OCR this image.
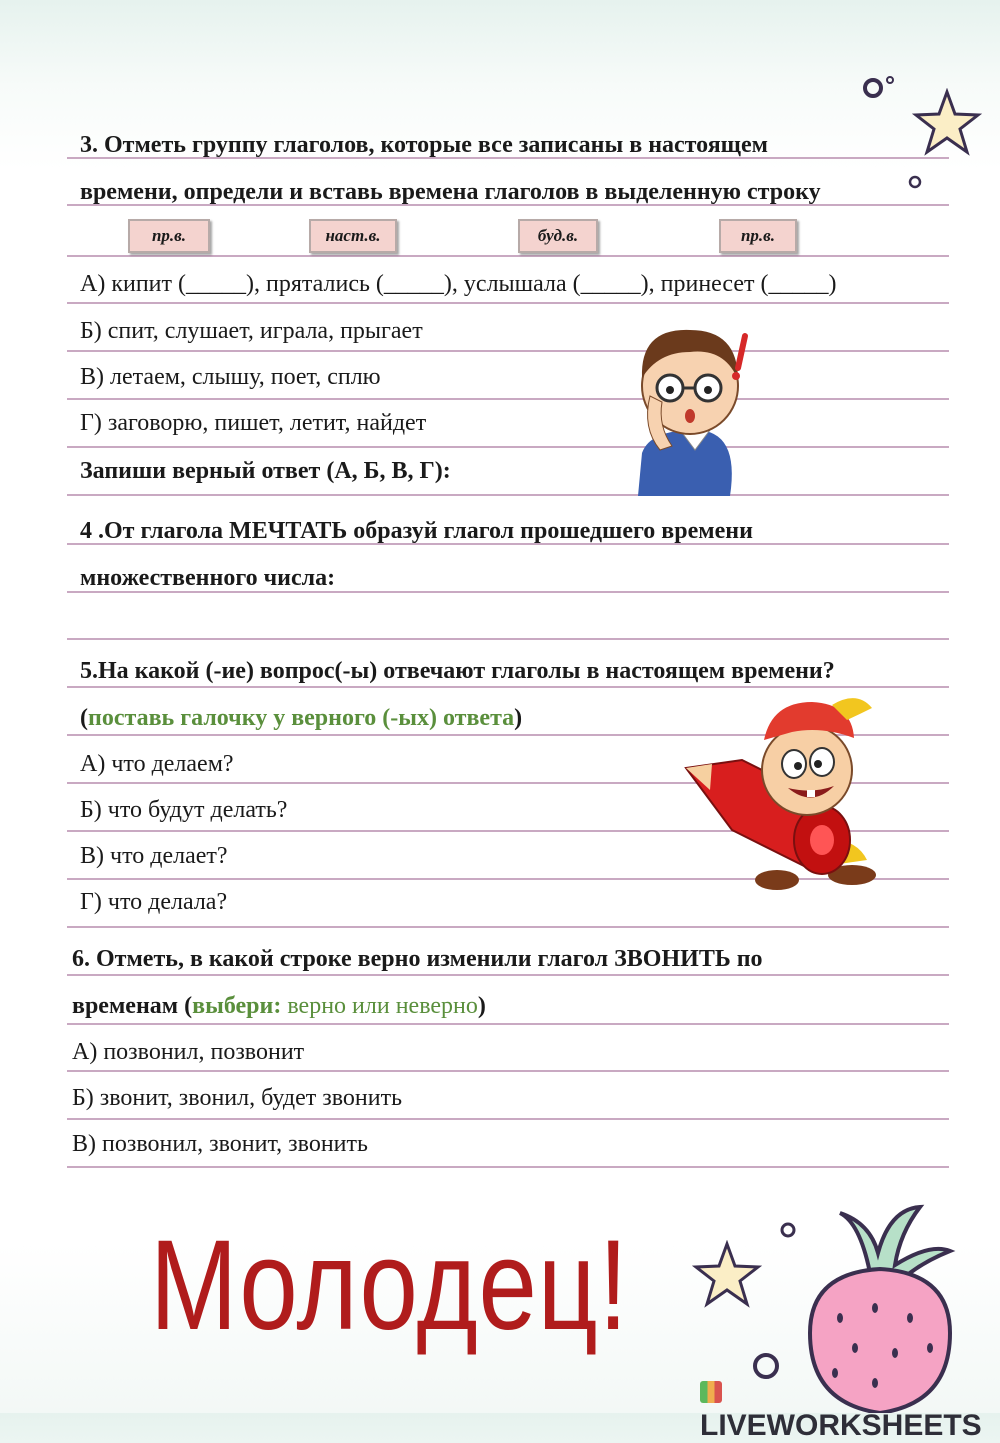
3. Отметь группу глаголов, которые все записаны в настоящем
времени, определи и вставь времена глаголов в выделенную строку
пр.в.	наст.в.	буд.в.	пр.в.
А) кипит (_____), прятались (_____), услышала (_____), принесет (_____)
Б) спит, слушает, играла, прыгает
В) летаем, слышу, поет, сплю
Г) заговорю, пишет, летит, найдет
Запиши верный ответ (А, Б, В, Г):
4 .От глагола МЕЧТАТЬ образуй глагол прошедшего времени
множественного числа:
5.На какой (-ие) вопрос(-ы) отвечают глаголы в настоящем времени?
(поставь галочку у верного (-ых) ответа)
А) что делаем?
Б) что будут делать?
В) что делает?
Г) что делала?
6. Отметь, в какой строке верно изменили глагол ЗВОНИТЬ по
временам (выбери: верно или неверно)
А) позвонил, позвонит
Б) звонит, звонил, будет звонить
В) позвонил, звонит, звонить
Молодец!
LIVEWORKSHEETS
